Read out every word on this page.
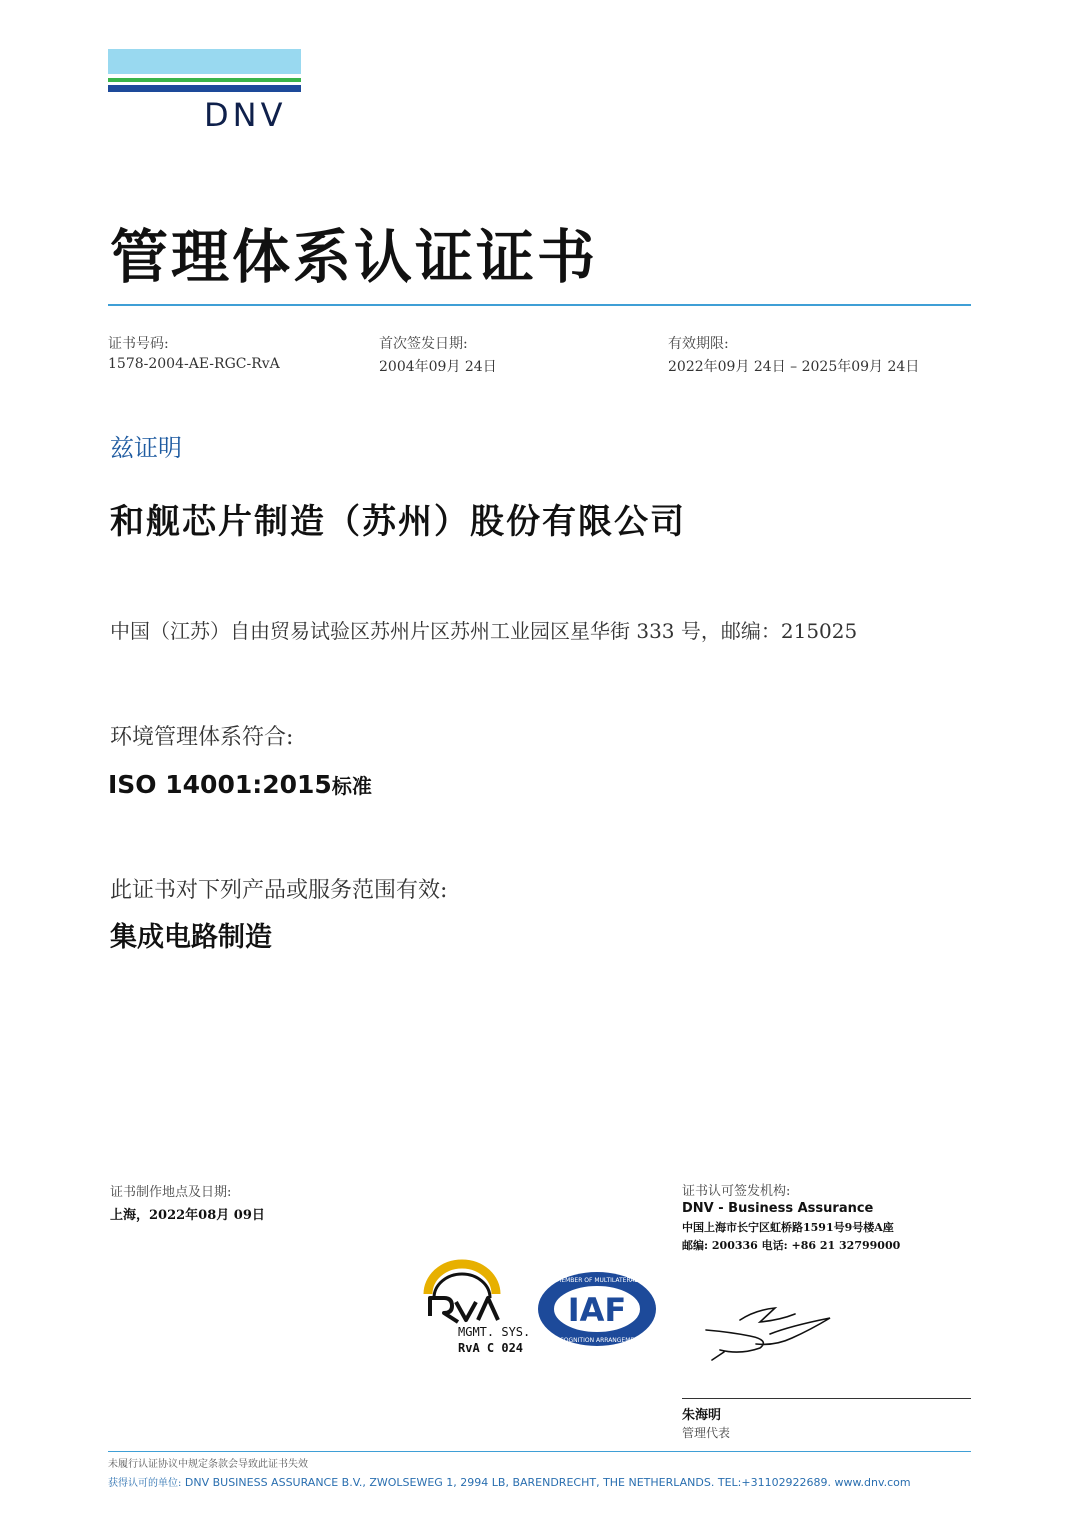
DNV
管理体系认证证书
证书号码:
1578-2004-AE-RGC-RvA
首次签发日期:
2004年09月 24日
有效期限:
2022年09月 24日 – 2025年09月 24日
兹证明
和舰芯片制造（苏州）股份有限公司
中国（江苏）自由贸易试验区苏州片区苏州工业园区星华街 333 号，邮编：215025
环境管理体系符合:
ISO 14001:2015标准
此证书对下列产品或服务范围有效:
集成电路制造
证书制作地点及日期:
上海，2022年08月 09日
证书认可签发机构:
DNV - Business Assurance
中国上海市长宁区虹桥路1591号9号楼A座
邮编: 200336 电话: +86 21 32799000
MGMT. SYS.
RvA C 024
IAF
MEMBER OF MULTILATERAL
RECOGNITION ARRANGEMENT
朱海明
管理代表
未履行认证协议中规定条款会导致此证书失效
获得认可的单位: DNV BUSINESS ASSURANCE B.V., ZWOLSEWEG 1, 2994 LB, BARENDRECHT, THE NETHERLANDS. TEL:+31102922689. www.dnv.com
